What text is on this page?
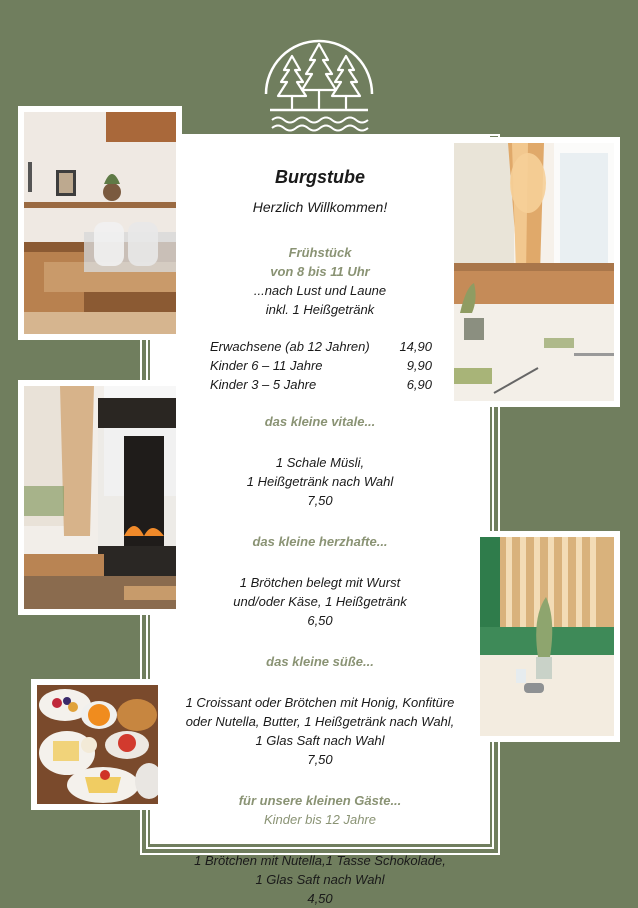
Burgstube
Herzlich Willkommen!
Frühstück
von 8 bis 11 Uhr
...nach Lust und Laune
inkl. 1 Heißgetränk
Erwachsene (ab 12 Jahren) 14,90
Kinder 6 – 11 Jahre	9,90
Kinder 3 – 5 Jahre	6,90
das kleine vitale...
1 Schale Müsli,
1 Heißgetränk nach Wahl
7,50
das kleine herzhafte...
1 Brötchen belegt mit Wurst
und/oder Käse, 1 Heißgetränk
6,50
das kleine süße...
1 Croissant oder Brötchen mit Honig, Konfitüre
oder Nutella, Butter, 1 Heißgetränk nach Wahl,
1 Glas Saft nach Wahl
7,50
für unsere kleinen Gäste...
Kinder bis 12 Jahre
1 Brötchen mit Nutella,1 Tasse Schokolade,
1 Glas Saft nach Wahl
4,50
